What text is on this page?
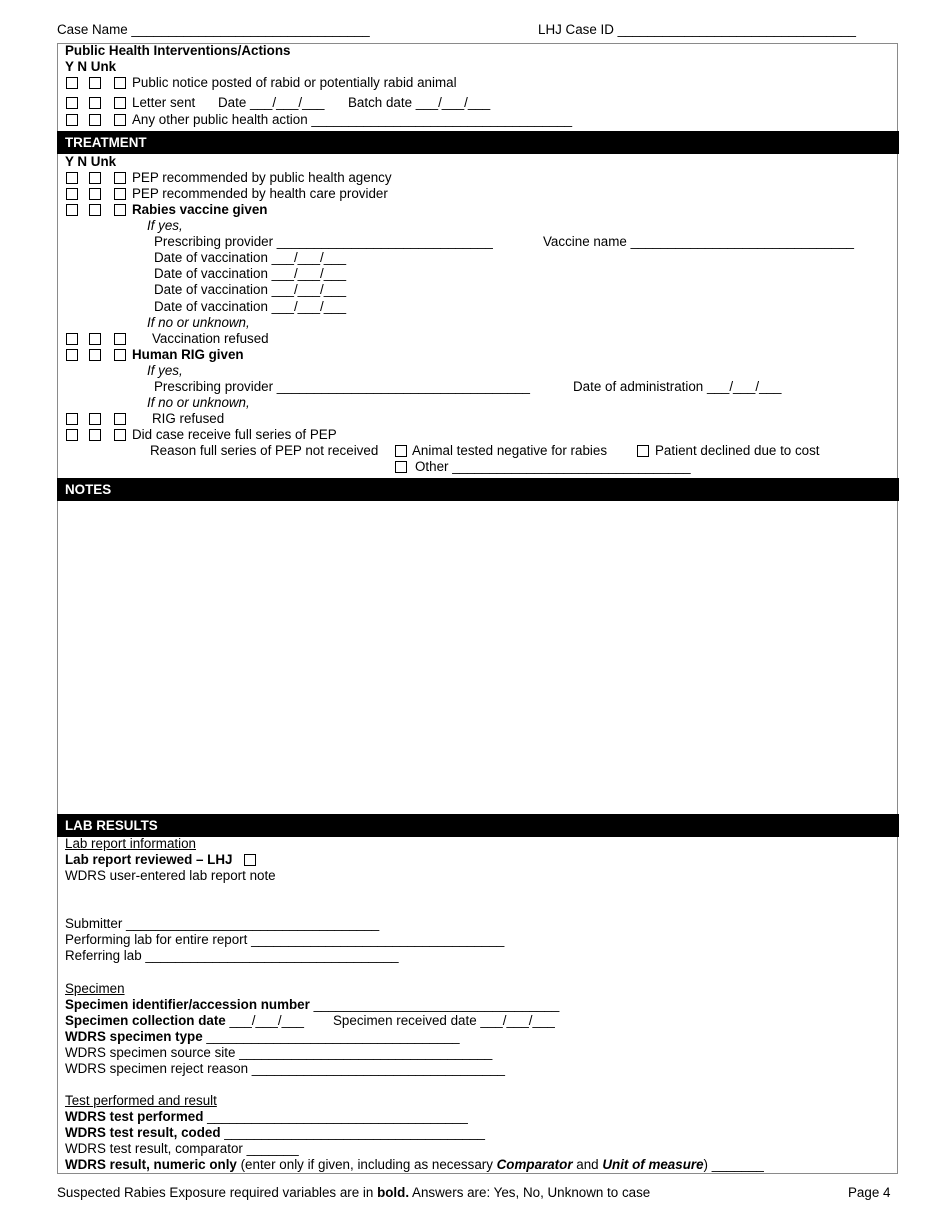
Case Name ________________________________	LHJ Case ID ________________________________
Public Health Interventions/Actions
Y N Unk
Public notice posted of rabid or potentially rabid animal
Letter sent Date ___/___/___ Batch date ___/___/___
Any other public health action ___________________________________
TREATMENT
Y N Unk
PEP recommended by public health agency
PEP recommended by health care provider
Rabies vaccine given
If yes,
Prescribing provider _____________________________	Vaccine name ______________________________
Date of vaccination ___/___/___
Date of vaccination ___/___/___
Date of vaccination ___/___/___
Date of vaccination ___/___/___
If no or unknown,
Vaccination refused
Human RIG given
If yes,
Prescribing provider __________________________________	Date of administration ___/___/___
If no or unknown,
RIG refused
Did case receive full series of PEP
Reason full series of PEP not received	Animal tested negative for rabies	Patient declined due to cost
Other ________________________________
NOTES
LAB RESULTS
Lab report information
Lab report reviewed – LHJ
WDRS user-entered lab report note
Submitter __________________________________
Performing lab for entire report __________________________________
Referring lab __________________________________
Specimen
Specimen identifier/accession number _________________________________
Specimen collection date ___/___/___ Specimen received date ___/___/___
WDRS specimen type __________________________________
WDRS specimen source site __________________________________
WDRS specimen reject reason __________________________________
Test performed and result
WDRS test performed ___________________________________
WDRS test result, coded ___________________________________
WDRS test result, comparator _______
WDRS result, numeric only (enter only if given, including as necessary Comparator and Unit of measure) _______
Suspected Rabies Exposure required variables are in bold. Answers are: Yes, No, Unknown to case	Page 4
